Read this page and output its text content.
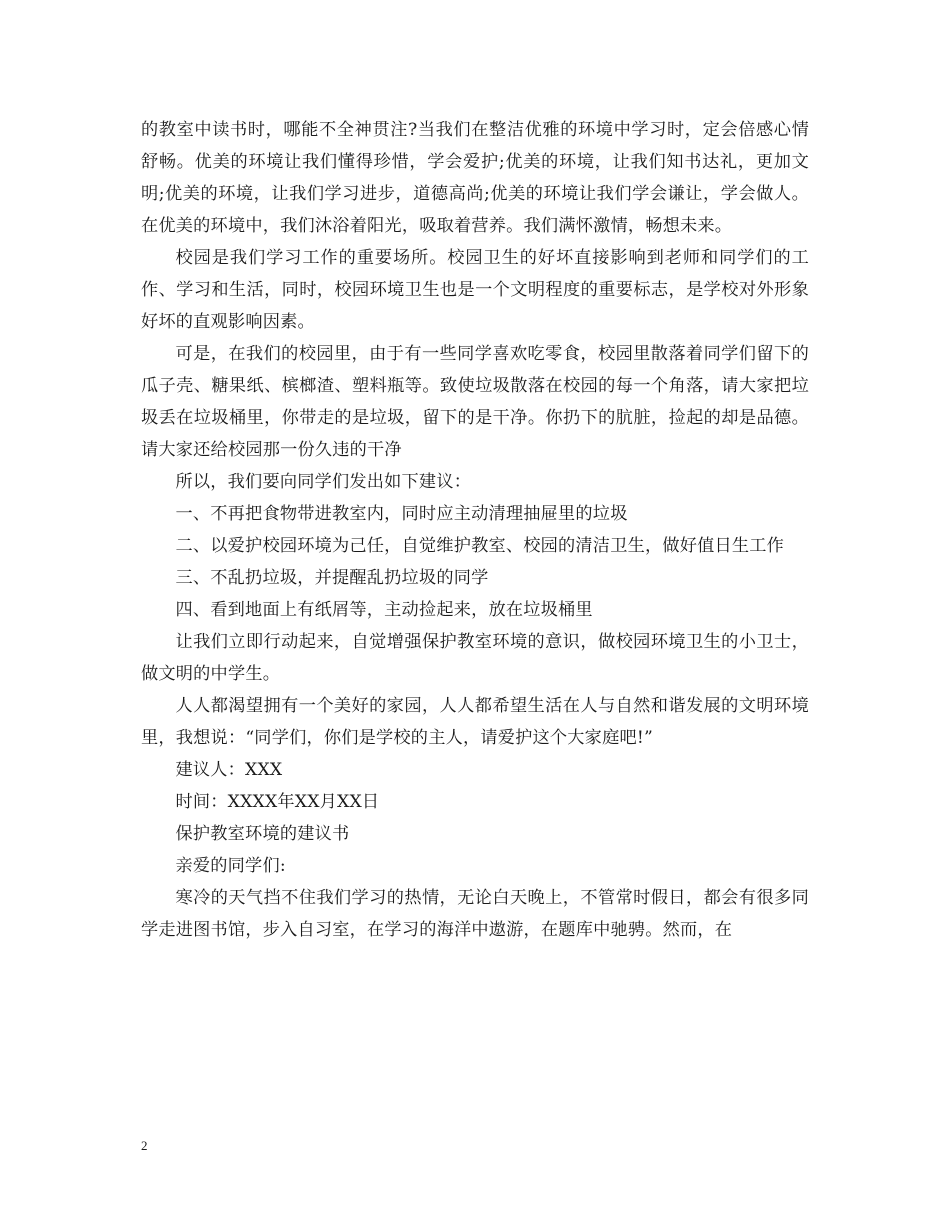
的教室中读书时，哪能不全神贯注?当我们在整洁优雅的环境中学习时，定会倍感心情舒畅。优美的环境让我们懂得珍惜，学会爱护;优美的环境，让我们知书达礼，更加文明;优美的环境，让我们学习进步，道德高尚;优美的环境让我们学会谦让，学会做人。在优美的环境中，我们沐浴着阳光，吸取着营养。我们满怀激情，畅想未来。

校园是我们学习工作的重要场所。校园卫生的好坏直接影响到老师和同学们的工作、学习和生活，同时，校园环境卫生也是一个文明程度的重要标志，是学校对外形象好坏的直观影响因素。

可是，在我们的校园里，由于有一些同学喜欢吃零食，校园里散落着同学们留下的瓜子壳、糖果纸、槟榔渣、塑料瓶等。致使垃圾散落在校园的每一个角落，请大家把垃圾丢在垃圾桶里，你带走的是垃圾，留下的是干净。你扔下的肮脏，捡起的却是品德。请大家还给校园那一份久违的干净

所以，我们要向同学们发出如下建议：

一、不再把食物带进教室内，同时应主动清理抽屉里的垃圾

二、以爱护校园环境为己任，自觉维护教室、校园的清洁卫生，做好值日生工作

三、不乱扔垃圾，并提醒乱扔垃圾的同学

四、看到地面上有纸屑等，主动捡起来，放在垃圾桶里

让我们立即行动起来，自觉增强保护教室环境的意识，做校园环境卫生的小卫士，做文明的中学生。

人人都渴望拥有一个美好的家园，人人都希望生活在人与自然和谐发展的文明环境里，我想说：“同学们，你们是学校的主人，请爱护这个大家庭吧!”

建议人：XXX

时间：XXXX年XX月XX日

保护教室环境的建议书

亲爱的同学们:

寒冷的天气挡不住我们学习的热情，无论白天晚上，不管常时假日，都会有很多同学走进图书馆，步入自习室，在学习的海洋中遨游，在题库中驰骋。然而，在

2
